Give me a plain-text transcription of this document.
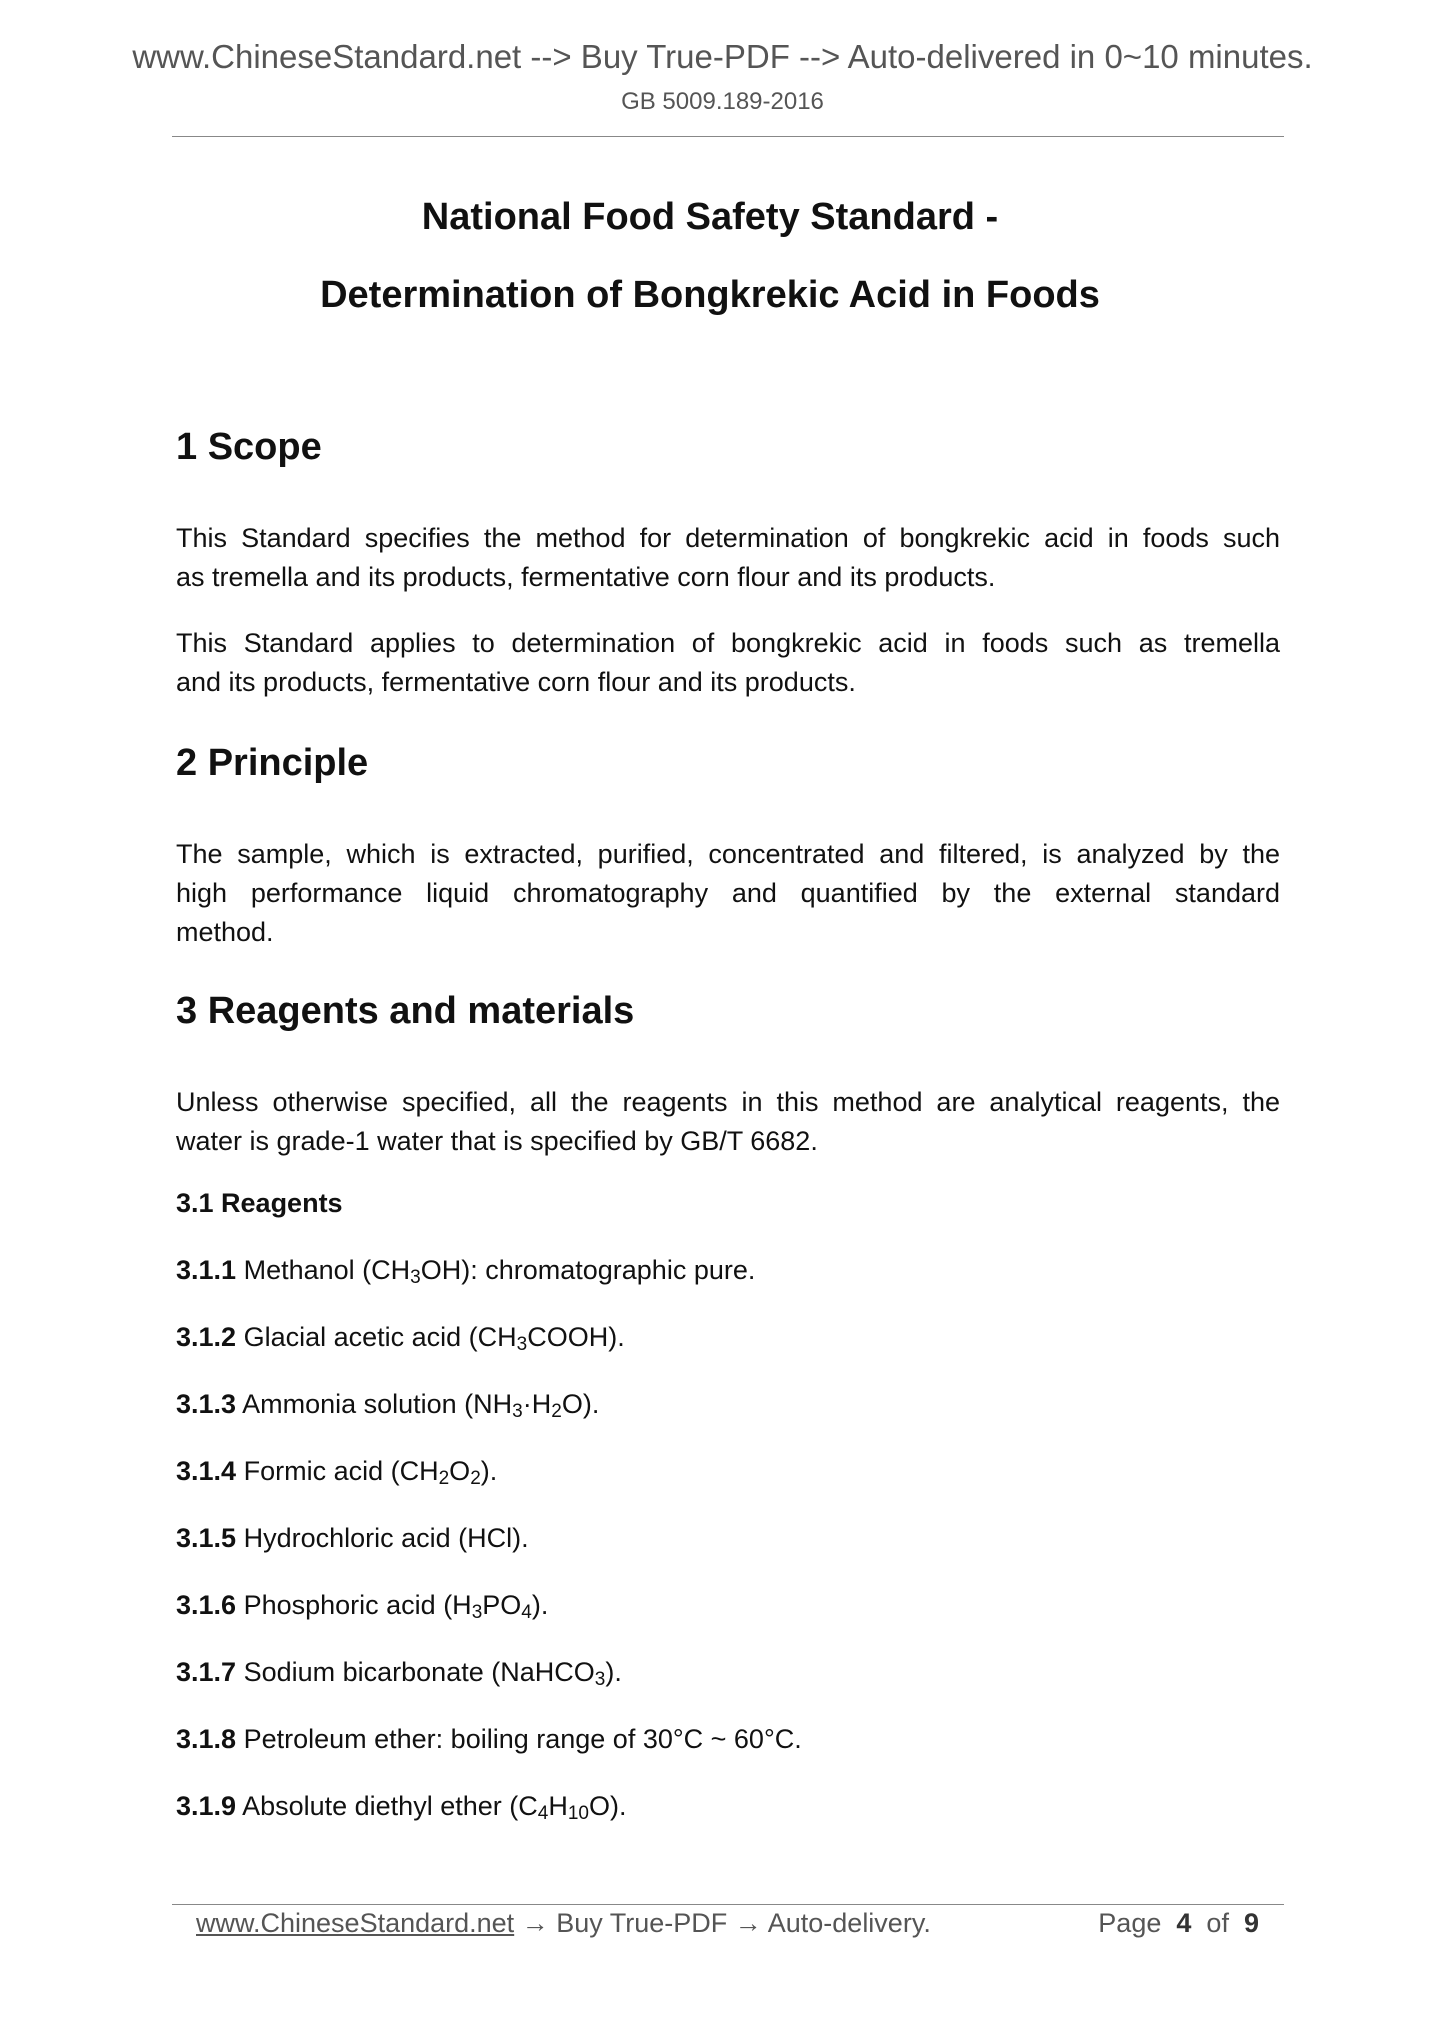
www.ChineseStandard.net --> Buy True-PDF --> Auto-delivered in 0~10 minutes.
GB 5009.189-2016
National Food Safety Standard -
Determination of Bongkrekic Acid in Foods
1 Scope
This Standard specifies the method for determination of bongkrekic acid in foods such
as tremella and its products, fermentative corn flour and its products.
This Standard applies to determination of bongkrekic acid in foods such as tremella
and its products, fermentative corn flour and its products.
2 Principle
The sample, which is extracted, purified, concentrated and filtered, is analyzed by the
high performance liquid chromatography and quantified by the external standard
method.
3 Reagents and materials
Unless otherwise specified, all the reagents in this method are analytical reagents, the
water is grade-1 water that is specified by GB/T 6682.
3.1 Reagents
3.1.1 Methanol $(CH_3OH)$: chromatographic pure.
3.1.2 Glacial acetic acid $(CH_3COOH)$.
3.1.3 Ammonia solution $(NH_3\cdot H_2O)$.
3.1.4 Formic acid $(CH_2O_2)$.
3.1.5 Hydrochloric acid (HCl).
3.1.6 Phosphoric acid $(H_3PO_4)$.
3.1.7 Sodium bicarbonate (NaHCO$_3$).
3.1.8 Petroleum ether: boiling range of 30°C ~ 60°C.
3.1.9 Absolute diethyl ether $(C_4H_{10}O)$.
www.ChineseStandard.net → Buy True-PDF → Auto-delivery.	Page 4 of 9
